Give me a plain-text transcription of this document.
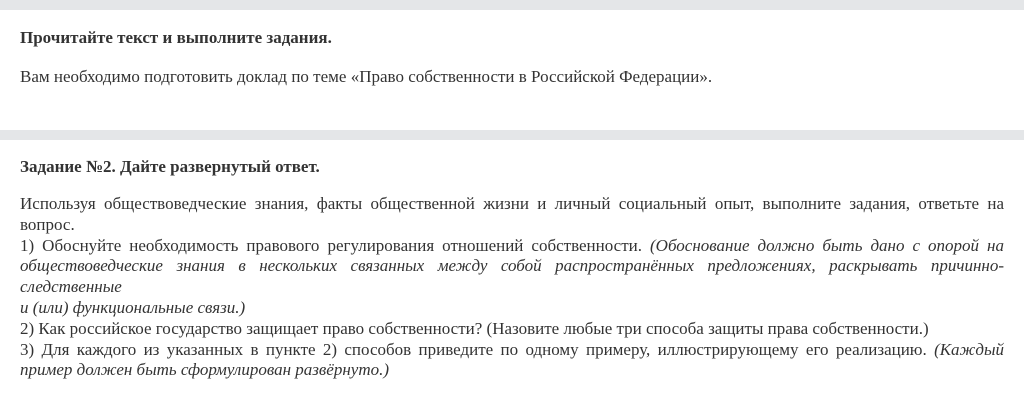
Прочитайте текст и выполните задания.
Вам необходимо подготовить доклад по теме «Право собственности в Российской Федерации».
Задание №2. Дайте развернутый ответ.
Используя обществоведческие знания, факты общественной жизни и личный социальный опыт, выполните задания, ответьте на вопрос.
1) Обоснуйте необходимость правового регулирования отношений собственности. (Обоснование должно быть дано с опорой на обществоведческие знания в нескольких связанных между собой распространённых предложениях, раскрывать причинно-следственные
и (или) функциональные связи.)
2) Как российское государство защищает право собственности? (Назовите любые три способа защиты права собственности.)
3) Для каждого из указанных в пункте 2) способов приведите по одному примеру, иллюстрирующему его реализацию. (Каждый пример должен быть сформулирован развёрнуто.)
